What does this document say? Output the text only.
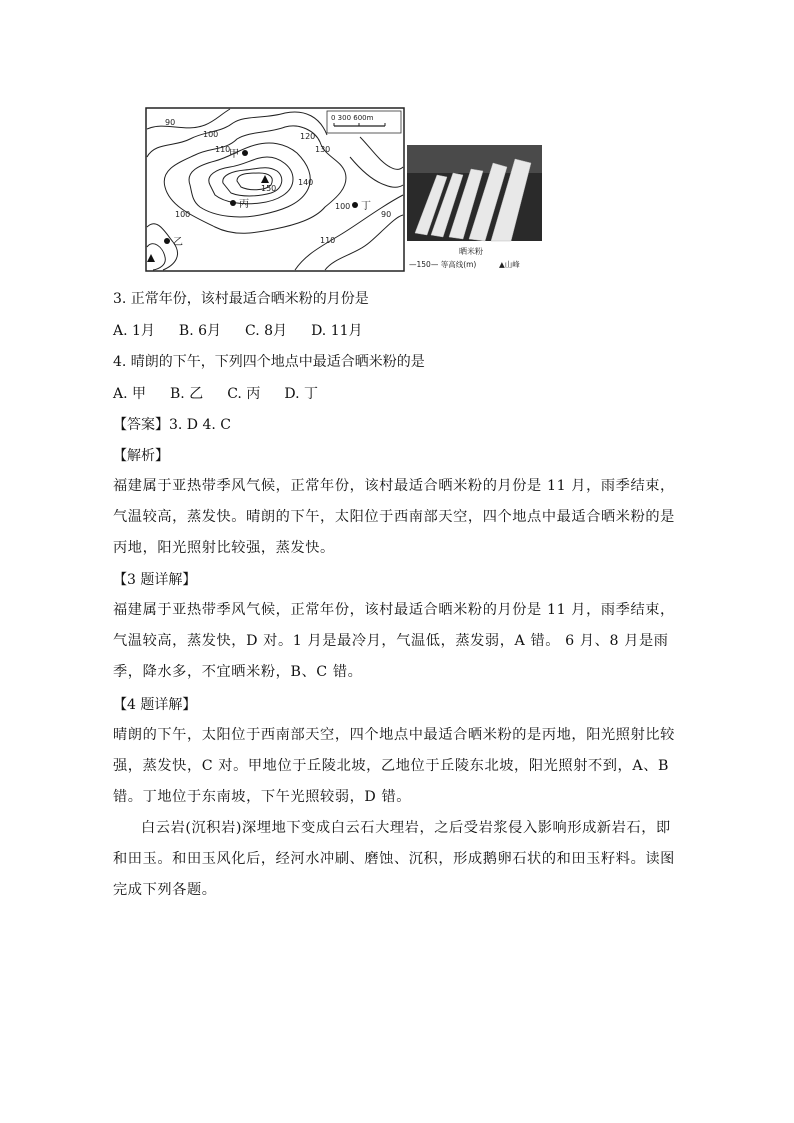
0 300 600m
90
100
110
120
130
140
150
100	90
110
100
甲
丙	丁
乙
晒米粉
—150— 等高线(m)	▲山峰
3. 正常年份，该村最适合晒米粉的月份是
A. 1月 B. 6月 C. 8月 D. 11月
4. 晴朗的下午，下列四个地点中最适合晒米粉的是
A. 甲 B. 乙 C. 丙 D. 丁
【答案】3. D 4. C
【解析】
福建属于亚热带季风气候，正常年份，该村最适合晒米粉的月份是 11 月，雨季结束，气温较高，蒸发快。晴朗的下午，太阳位于西南部天空，四个地点中最适合晒米粉的是丙地，阳光照射比较强，蒸发快。
【3 题详解】
福建属于亚热带季风气候，正常年份，该村最适合晒米粉的月份是 11 月，雨季结束，气温较高，蒸发快，D 对。1 月是最冷月，气温低，蒸发弱，A 错。 6 月、8 月是雨季，降水多，不宜晒米粉，B、C 错。
【4 题详解】
晴朗的下午，太阳位于西南部天空，四个地点中最适合晒米粉的是丙地，阳光照射比较强，蒸发快，C 对。甲地位于丘陵北坡，乙地位于丘陵东北坡，阳光照射不到，A、B 错。丁地位于东南坡，下午光照较弱，D 错。
白云岩(沉积岩)深埋地下变成白云石大理岩，之后受岩浆侵入影响形成新岩石，即和田玉。和田玉风化后，经河水冲刷、磨蚀、沉积，形成鹅卵石状的和田玉籽料。读图完成下列各题。
